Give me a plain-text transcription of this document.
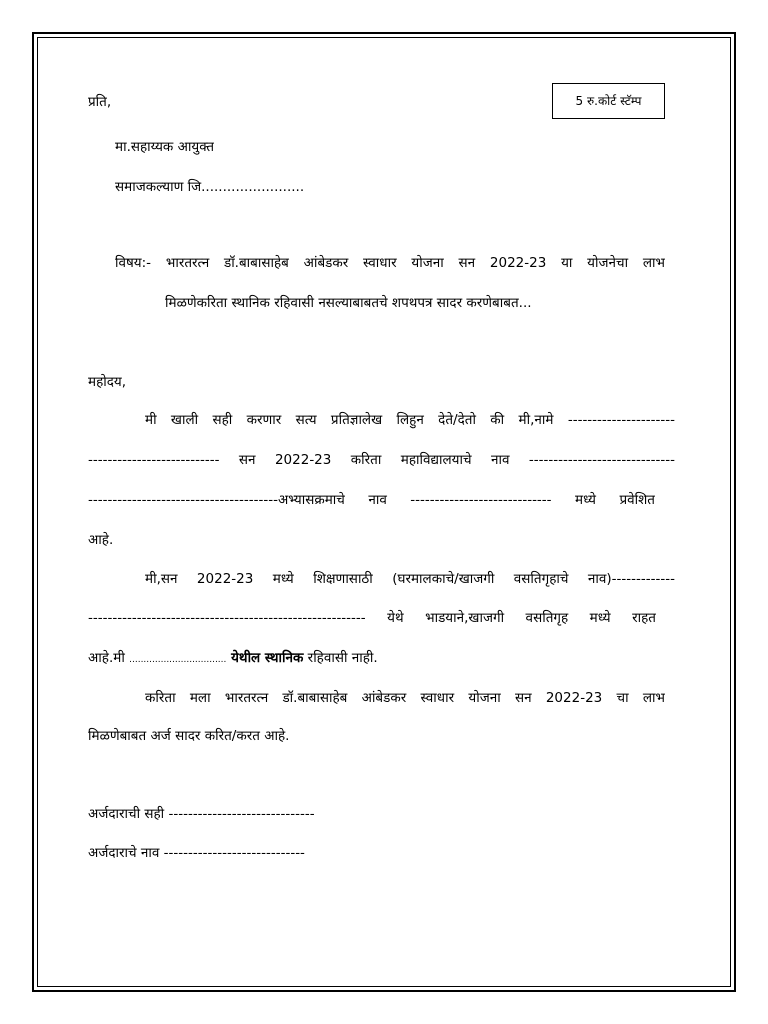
5 रु.कोर्ट स्टॅम्प
प्रति,
मा.सहाय्यक आयुक्त
समाजकल्याण जि........................
विषय:- भारतरत्न डॉ.बाबासाहेब आंबेडकर स्वाधार योजना सन 2022-23 या योजनेचा लाभ
मिळणेकरिता स्थानिक रहिवासी नसल्याबाबतचे शपथपत्र सादर करणेबाबत...
महोदय,
मी खाली सही करणार सत्य प्रतिज्ञालेख लिहुन देते/देतो की मी,नामे ----------------------
--------------------------- सन 2022-23 करिता महाविद्यालयाचे नाव ------------------------------
---------------------------------------अभ्यासक्रमाचे नाव ----------------------------- मध्ये प्रवेशित
आहे.
मी,सन 2022-23 मध्ये शिक्षणासाठी (घरमालकाचे/खाजगी वसतिगृहाचे नाव)-------------
--------------------------------------------------------- येथे भाडयाने,खाजगी वसतिगृह मध्ये राहत
आहे.मी .................................. येथील स्थानिक रहिवासी नाही.
करिता मला भारतरत्न डॉ.बाबासाहेब आंबेडकर स्वाधार योजना सन 2022-23 चा लाभ
मिळणेबाबत अर्ज सादर करित/करत आहे.
अर्जदाराची सही ------------------------------
अर्जदाराचे नाव -----------------------------
